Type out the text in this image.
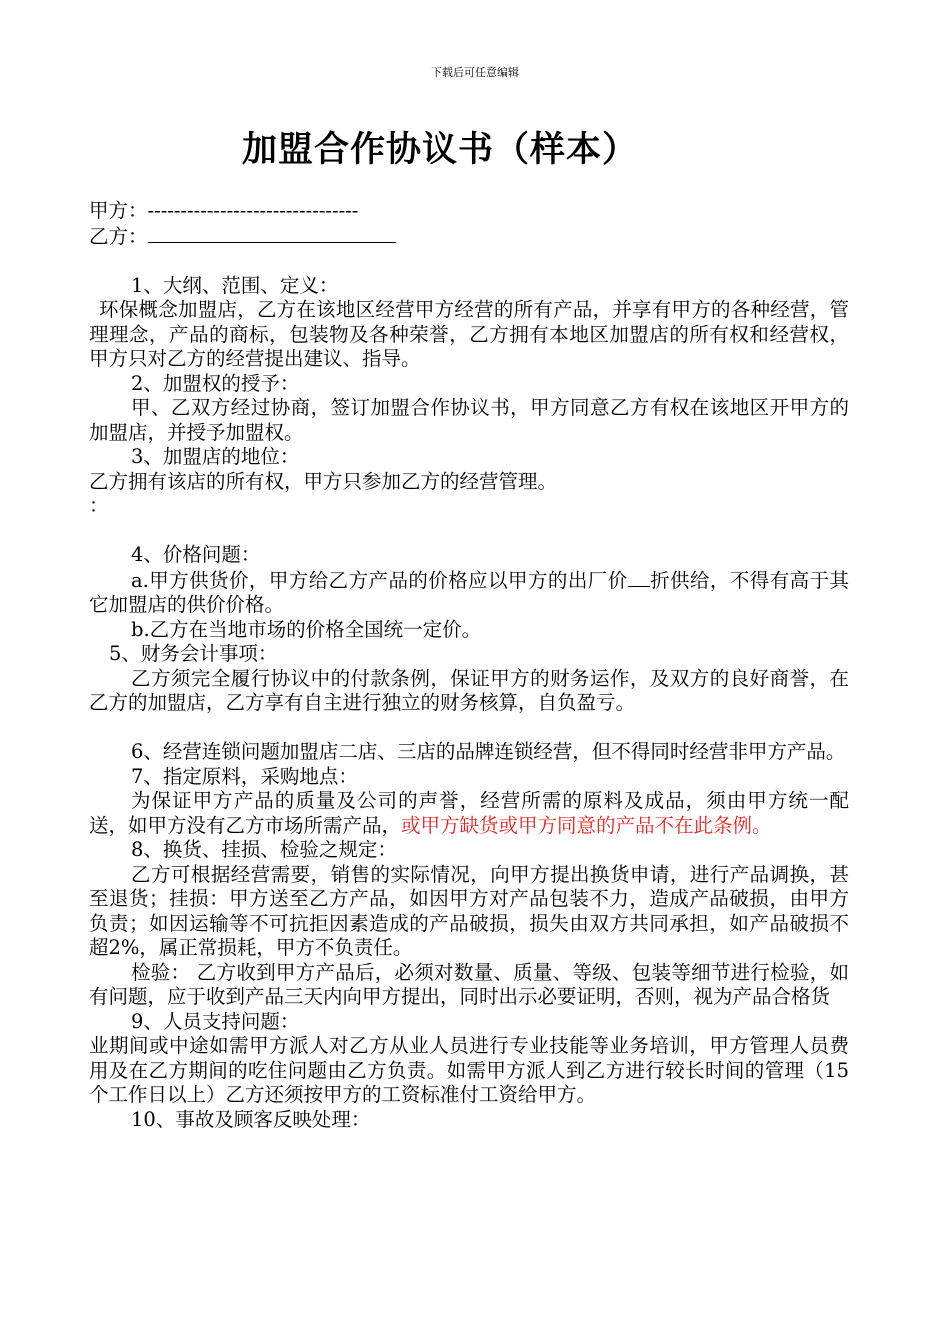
下载后可任意编辑
加盟合作协议书（样本）

甲方：--------------------------------

乙方：

1、大纲、范围、定义：

环保概念加盟店，乙方在该地区经营甲方经营的所有产品，并享有甲方的各种经营，管理理念，产品的商标，包装物及各种荣誉，乙方拥有本地区加盟店的所有权和经营权，甲方只对乙方的经营提出建议、指导。

2、加盟权的授予：

甲、乙双方经过协商，签订加盟合作协议书，甲方同意乙方有权在该地区开甲方的加盟店，并授予加盟权。

3、加盟店的地位：

乙方拥有该店的所有权，甲方只参加乙方的经营管理。

：

4、价格问题：

a.甲方供货价，甲方给乙方产品的价格应以甲方的出厂价 折供给，不得有高于其它加盟店的供价价格。

b.乙方在当地市场的价格全国统一定价。

5、财务会计事项：

乙方须完全履行协议中的付款条例，保证甲方的财务运作，及双方的良好商誉，在乙方的加盟店，乙方享有自主进行独立的财务核算，自负盈亏。

6、经营连锁问题加盟店二店、三店的品牌连锁经营，但不得同时经营非甲方产品。

7、指定原料，采购地点：

为保证甲方产品的质量及公司的声誉，经营所需的原料及成品，须由甲方统一配送，如甲方没有乙方市场所需产品，或甲方缺货或甲方同意的产品不在此条例。

8、换货、挂损、检验之规定：

乙方可根据经营需要，销售的实际情况，向甲方提出换货申请，进行产品调换，甚至退货；挂损：甲方送至乙方产品，如因甲方对产品包装不力，造成产品破损，由甲方负责；如因运输等不可抗拒因素造成的产品破损，损失由双方共同承担，如产品破损不超2%，属正常损耗，甲方不负责任。

检验： 乙方收到甲方产品后，必须对数量、质量、等级、包装等细节进行检验，如有问题，应于收到产品三天内向甲方提出，同时出示必要证明，否则，视为产品合格货

9、人员支持问题：

业期间或中途如需甲方派人对乙方从业人员进行专业技能等业务培训，甲方管理人员费用及在乙方期间的吃住问题由乙方负责。如需甲方派人到乙方进行较长时间的管理（15个工作日以上）乙方还须按甲方的工资标准付工资给甲方。

10、事故及顾客反映处理：
